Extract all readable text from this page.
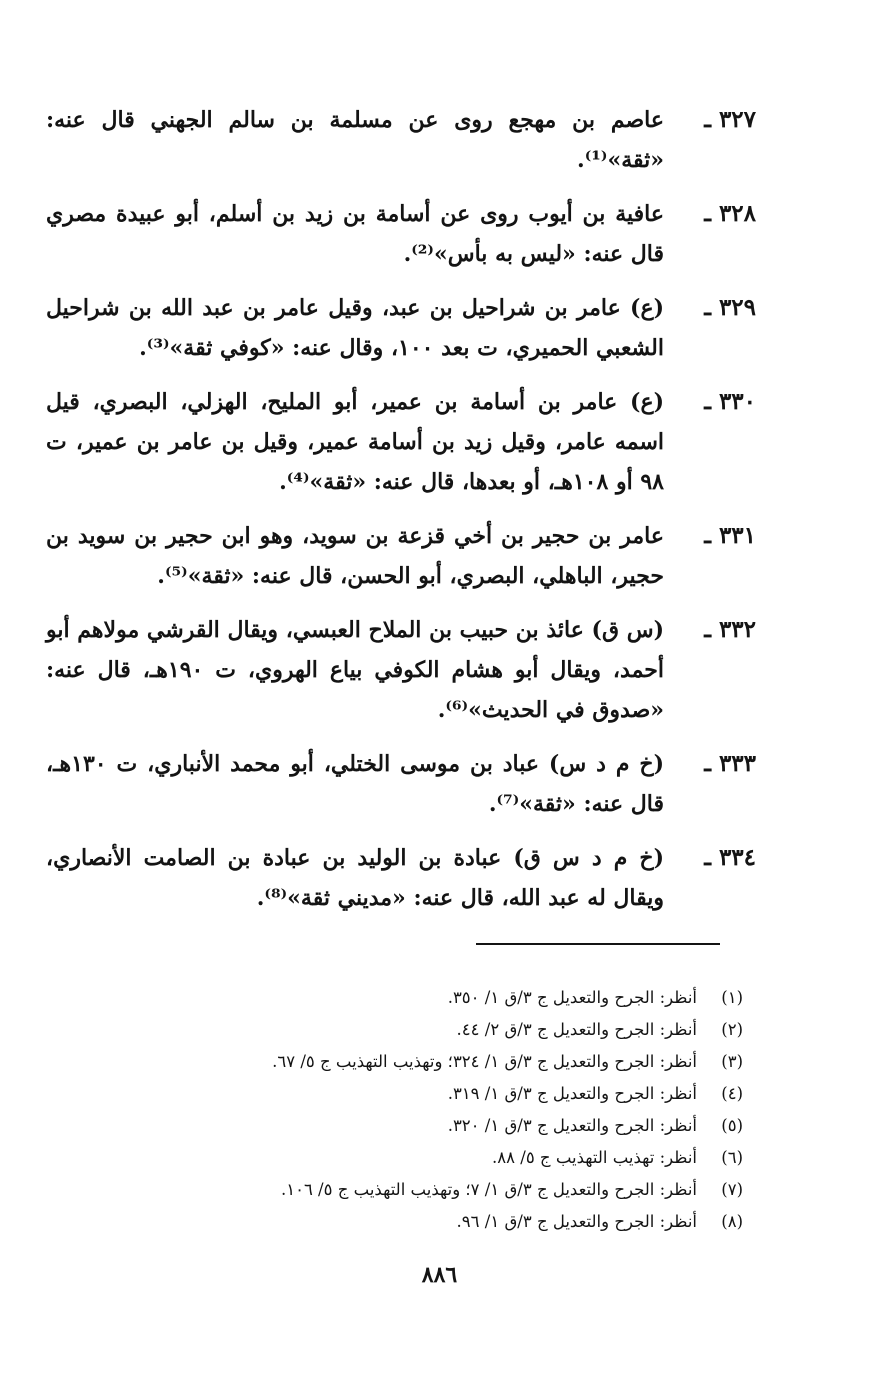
٣٢٧ ـ
عاصم بن مهجع روى عن مسلمة بن سالم الجهني قال عنه: «ثقة»⁽¹⁾.
٣٢٨ ـ
عافية بن أيوب روى عن أسامة بن زيد بن أسلم، أبو عبيدة مصري قال عنه: «ليس به بأس»⁽²⁾.
٣٢٩ ـ
(ع) عامر بن شراحيل بن عبد، وقيل عامر بن عبد الله بن شراحيل الشعبي الحميري، ت بعد ١٠٠، وقال عنه: «كوفي ثقة»⁽³⁾.
٣٣٠ ـ
(ع) عامر بن أسامة بن عمير، أبو المليح، الهزلي، البصري، قيل اسمه عامر، وقيل زيد بن أسامة عمير، وقيل بن عامر بن عمير، ت ٩٨ أو ١٠٨هـ، أو بعدها، قال عنه: «ثقة»⁽⁴⁾.
٣٣١ ـ
عامر بن حجير بن أخي قزعة بن سويد، وهو ابن حجير بن سويد بن حجير، الباهلي، البصري، أبو الحسن، قال عنه: «ثقة»⁽⁵⁾.
٣٣٢ ـ
(س ق) عائذ بن حبيب بن الملاح العبسي، ويقال القرشي مولاهم أبو أحمد، ويقال أبو هشام الكوفي بياع الهروي، ت ١٩٠هـ، قال عنه: «صدوق في الحديث»⁽⁶⁾.
٣٣٣ ـ
(خ م د س) عباد بن موسى الختلي، أبو محمد الأنباري، ت ١٣٠هـ، قال عنه: «ثقة»⁽⁷⁾.
٣٣٤ ـ
(خ م د س ق) عبادة بن الوليد بن عبادة بن الصامت الأنصاري، ويقال له عبد الله، قال عنه: «مديني ثقة»⁽⁸⁾.
(١)
أنظر: الجرح والتعديل ج ٣/ق ١/ ٣٥٠.
(٢)
أنظر: الجرح والتعديل ج ٣/ق ٢/ ٤٤.
(٣)
أنظر: الجرح والتعديل ج ٣/ق ١/ ٣٢٤؛ وتهذيب التهذيب ج ٥/ ٦٧.
(٤)
أنظر: الجرح والتعديل ج ٣/ق ١/ ٣١٩.
(٥)
أنظر: الجرح والتعديل ج ٣/ق ١/ ٣٢٠.
(٦)
أنظر: تهذيب التهذيب ج ٥/ ٨٨.
(٧)
أنظر: الجرح والتعديل ج ٣/ق ١/ ٧؛ وتهذيب التهذيب ج ٥/ ١٠٦.
(٨)
أنظر: الجرح والتعديل ج ٣/ق ١/ ٩٦.
٨٨٦
